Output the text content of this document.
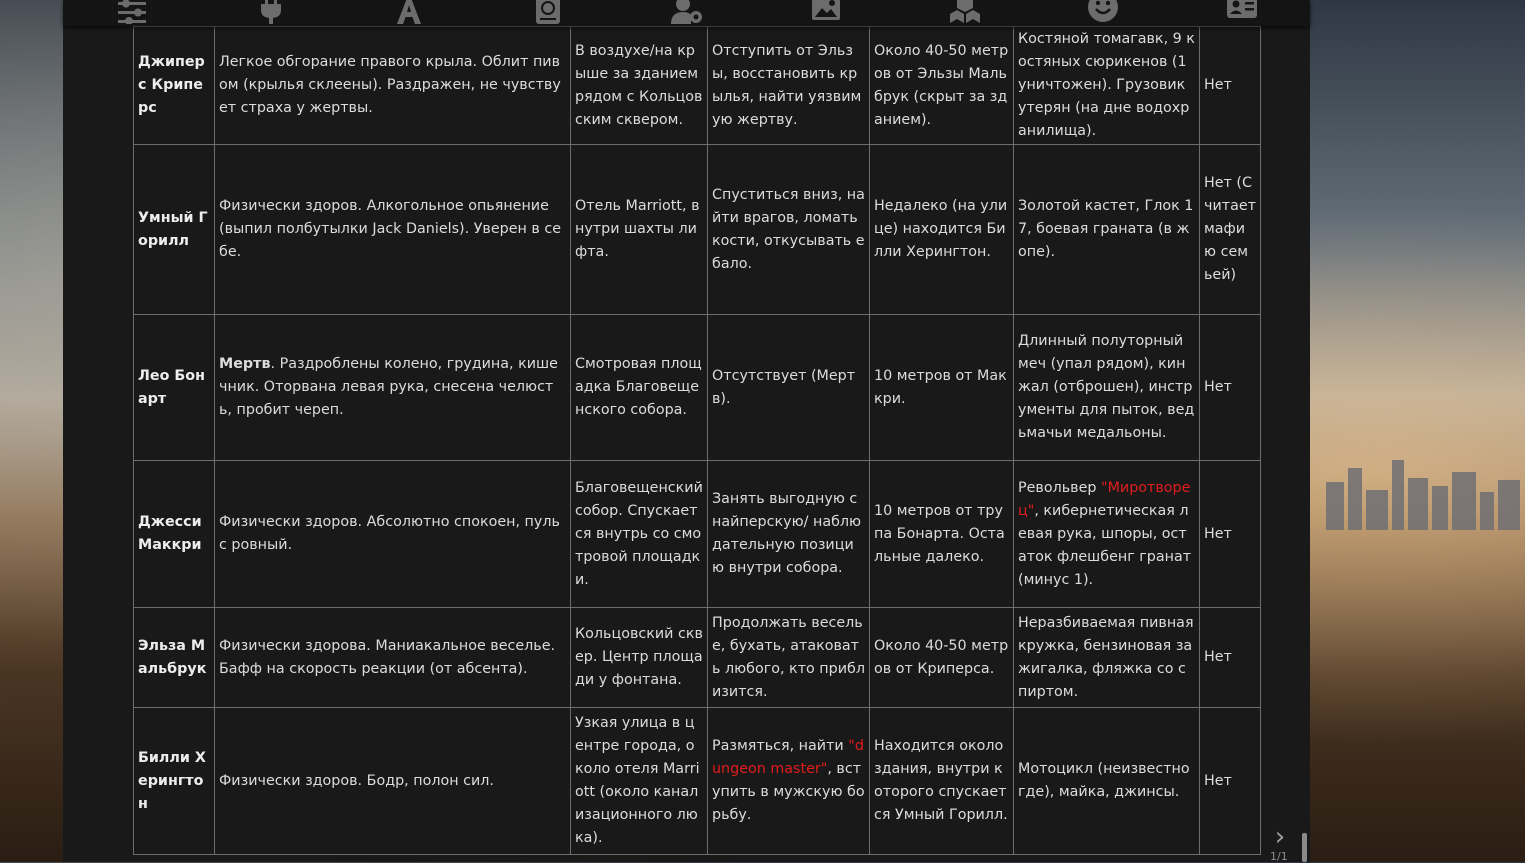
Джиперс Криперс	Легкое обгорание правого крыла. Облит пивом (крылья склеены). Раздражен, не чувствует страха у жертвы.	В воздухе/на крыше за зданием рядом с Кольцовским сквером.	Отступить от Эльзы, восстановить крылья, найти уязвимую жертву.	Около 40-50 метров от Эльзы Мальбрук (скрыт за зданием).	Костяной томагавк, 9 костяных сюрикенов (1 уничтожен). Грузовик утерян (на дне водохранилища).	Нет
Умный Горилл	Физически здоров. Алкогольное опьянение (выпил полбутылки Jack Daniels). Уверен в себе.	Отель Marriott, внутри шахты лифта.	Спуститься вниз, найти врагов, ломать кости, откусывать ебало.	Недалеко (на улице) находится Билли Херингтон.	Золотой кастет, Глок 17, боевая граната (в жопе).	Нет (Считает мафию семьей)
Лео Бонарт	Мертв. Раздроблены колено, грудина, кишечник. Оторвана левая рука, снесена челюсть, пробит череп.	Смотровая площадка Благовещенского собора.	Отсутствует (Мертв).	10 метров от Маккри.	Длинный полуторный меч (упал рядом), кинжал (отброшен), инструменты для пыток, ведьмачьи медальоны.	Нет
Джесси Маккри	Физически здоров. Абсолютно спокоен, пульс ровный.	Благовещенский собор. Спускается внутрь со смотровой площадки.	Занять выгодную снайперскую/ наблюдательную позицию внутри собора.	10 метров от трупа Бонарта. Остальные далеко.	Револьвер "Миротворец", кибернетическая левая рука, шпоры, остаток флешбенг гранат (минус 1).	Нет
Эльза Мальбрук	Физически здорова. Маниакальное веселье. Бафф на скорость реакции (от абсента).	Кольцовский сквер. Центр площади у фонтана.	Продолжать веселье, бухать, атаковать любого, кто приблизится.	Около 40-50 метров от Криперса.	Неразбиваемая пивная кружка, бензиновая зажигалка, фляжка со спиртом.	Нет
Билли Херингтон	Физически здоров. Бодр, полон сил.	Узкая улица в центре города, около отеля Marriott (около канализационного люка).	Размяться, найти "dungeon master", вступить в мужскую борьбу.	Находится около здания, внутри которого спускается Умный Горилл.	Мотоцикл (неизвестно где), майка, джинсы.	Нет
›
1/1
